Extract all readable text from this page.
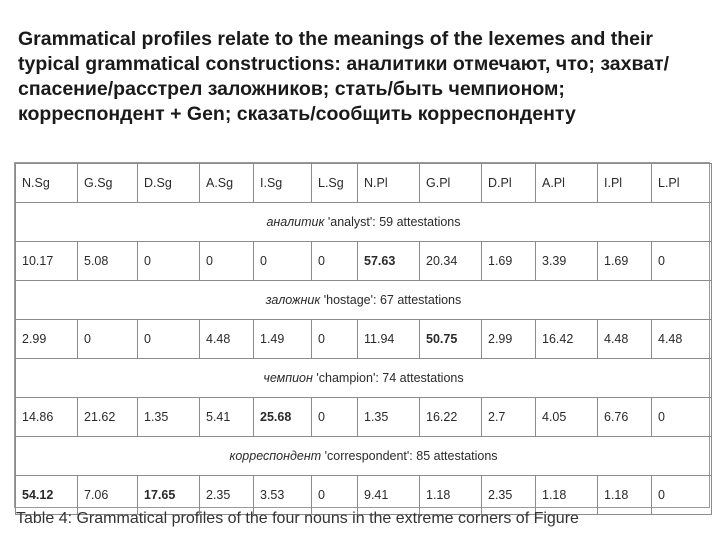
Grammatical profiles relate to the meanings of the lexemes and their typical grammatical constructions: аналитики отмечают, что; захват/спасение/расстрел заложников; стать/быть чемпионом; корреспондент + Gen; сказать/сообщить корреспонденту
N.Sg	G.Sg	D.Sg	A.Sg	I.Sg	L.Sg	N.Pl	G.Pl	D.Pl	A.Pl	I.Pl	L.Pl
аналитик 'analyst': 59 attestations											
10.17	5.08	0	0	0	0	57.63	20.34	1.69	3.39	1.69	0
заложник 'hostage': 67 attestations											
2.99	0	0	4.48	1.49	0	11.94	50.75	2.99	16.42	4.48	4.48
чемпион 'champion': 74 attestations											
14.86	21.62	1.35	5.41	25.68	0	1.35	16.22	2.7	4.05	6.76	0
корреспондент 'correspondent': 85 attestations											
54.12	7.06	17.65	2.35	3.53	0	9.41	1.18	2.35	1.18	1.18	0
Table 4: Grammatical profiles of the four nouns in the extreme corners of Figure
